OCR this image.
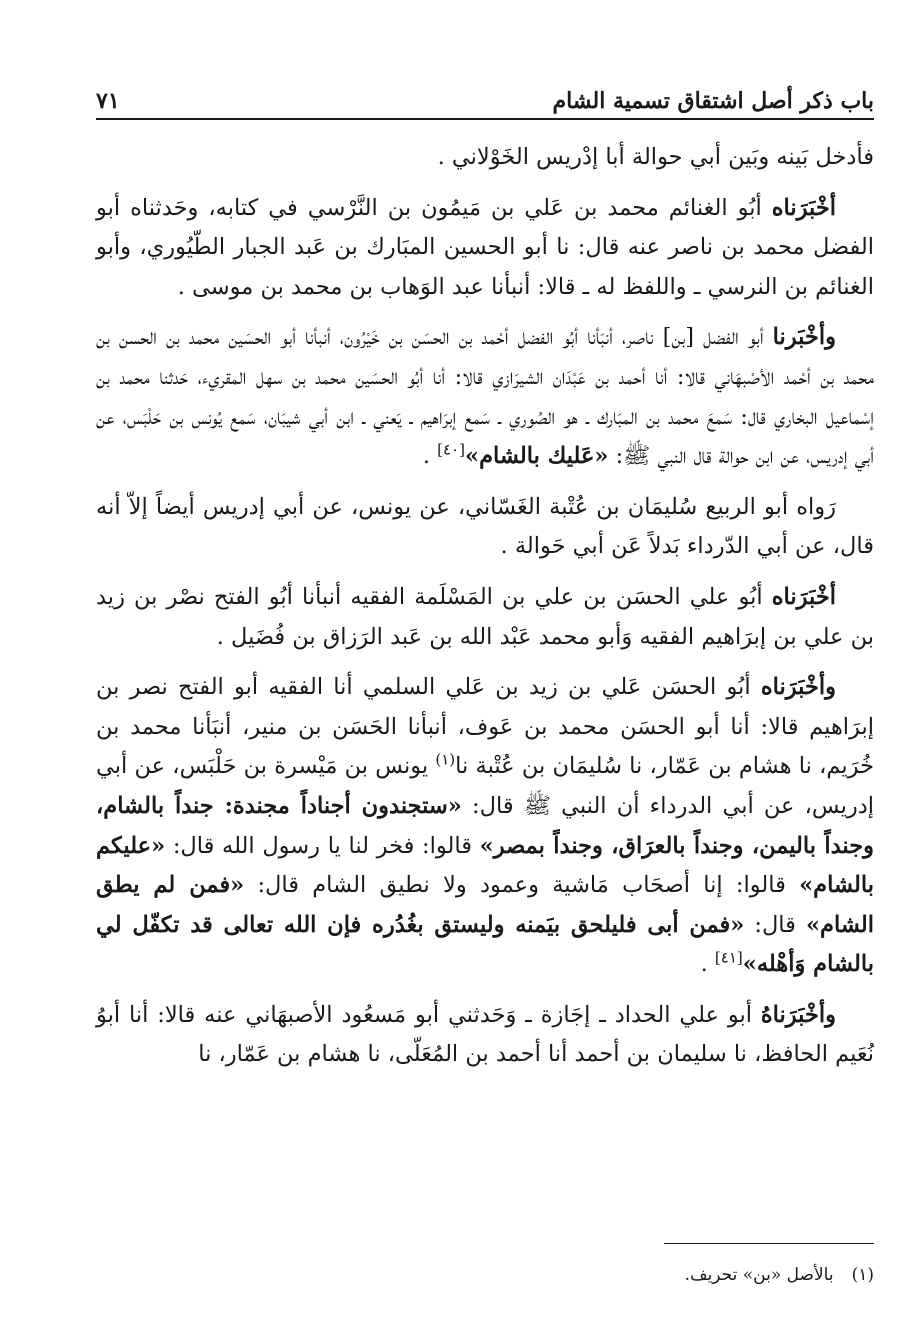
باب ذكر أصل اشتقاق تسمية الشام
٧١

فأدخل بَينه وبَين أبي حوالة أبا إدْريس الخَوْلاني .

أخْبَرَناه أبُو الغنائم محمد بن عَلي بن مَيمُون بن النَّرْسي في كتابه، وحَدثناه أبو الفضل محمد بن ناصر عنه قال: نا أبو الحسين المبَارك بن عَبد الجبار الطّيُوري، وأبو الغنائم بن النرسي ـ واللفظ له ـ قالا: أنبأنا عبد الوَهاب بن محمد بن موسى .

وأخْبَرنا أبو الفضل [بن] ناصر، أنبَأنا أبُو الفضل أحْمد بن الحسَن بن خَيْرُون، أنبأنا أبو الحسَين محمد بن الحسن بن محمد بن أحْمد الأصْبهَاني قالا: أنا أحمد بن عَبْدَان الشيرَازي قالا: أنا أبُو الحسَين محمد بن سهل المقريء، حَدثنا محمد بن إسْماعيل البخاري قال: سَمعَ محمد بن المبَارك ـ هو الصُوري ـ سَمع إبرَاهيم ـ يَعني ـ ابن أبي شيبَان، سَمع يُونس بن حَلْبَس، عن أبي إدريس، عن ابن حوالة قال النبي ﷺ: «عَليك بالشام»[٤٠] .

رَواه أبو الربيع سُليمَان بن عُتْبة الغَسّاني، عن يونس، عن أبي إدريس أيضاً إلاّ أنه قال، عن أبي الدّرداء بَدلاً عَن أبي حَوالة .

أخْبَرَناه أبُو علي الحسَن بن علي بن المَسْلَمة الفقيه أنبأنا أبُو الفتح نصْر بن زيد بن علي بن إبرَاهيم الفقيه وَأبو محمد عَبْد الله بن عَبد الرَزاق بن فُضَيل .

وأخْبَرَناه أبُو الحسَن عَلي بن زيد بن عَلي السلمي أنا الفقيه أبو الفتح نصر بن إبرَاهيم قالا: أنا أبو الحسَن محمد بن عَوف، أنبأنا الحَسَن بن منير، أنبَأنا محمد بن خُرَيم، نا هشام بن عَمّار، نا سُليمَان بن عُتْبة نا$^{(١)}$ يونس بن مَيْسرة بن حَلْبَس، عن أبي إدريس، عن أبي الدرداء أن النبي ﷺ قال: «ستجندون أجناداً مجندة: جنداً بالشام، وجنداً باليمن، وجنداً بالعرَاق، وجنداً بمصر» قالوا: فخر لنا يا رسول الله قال: «عليكم بالشام» قالوا: إنا أصحَاب مَاشية وعمود ولا نطيق الشام قال: «فمن لم يطق الشام» قال: «فمن أبى فليلحق بيَمنه وليستق بغُدُره فإن الله تعالى قد تكفّل لي بالشام وَأهْله»[٤١] .

وأخْبَرَناهُ أبو علي الحداد ـ إجَازة ـ وَحَدثني أبو مَسعُود الأصبهَاني عنه قالا: أنا أبوُ نُعَيم الحافظ، نا سليمان بن أحمد أنا أحمد بن المُعَلّى، نا هشام بن عَمّار، نا

(١)بالأصل «بن» تحريف.
